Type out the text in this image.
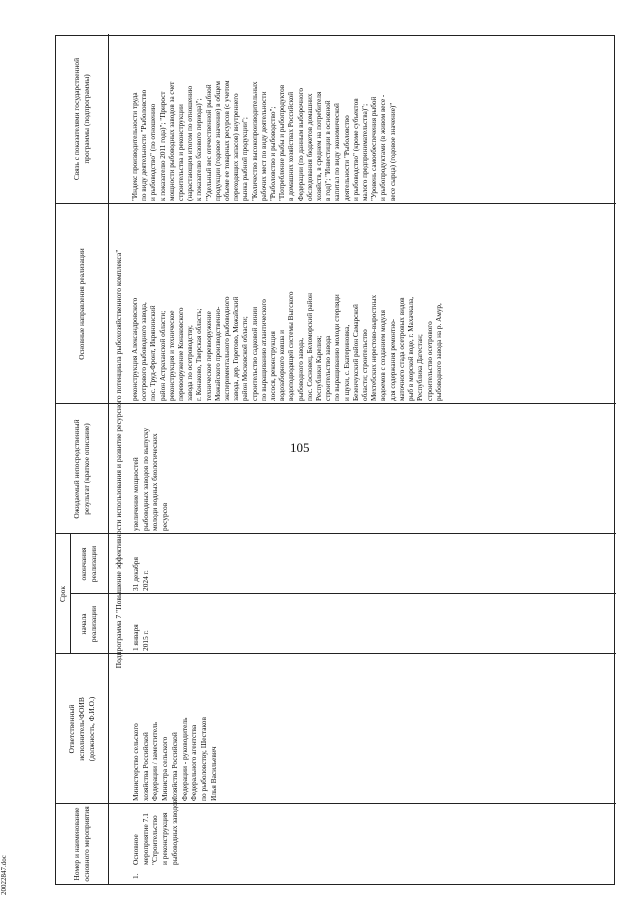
105
Номер и наименование основного мероприятия
Ответственный исполнитель/ФОИВ (должность, Ф.И.О.)
Срок
начала реализации
окончания реализации
Ожидаемый непосредственный результат (краткое описание)
Основные направления реализации
Связь с показателями государственной программы (подпрограммы)
Подпрограмма 7 "Повышение эффективности использования и развитие ресурсного потенциала рыбохозяйственного комплекса"
1.
Основное мероприятие 7.1 "Строительство и реконструкция рыбоводных заводов"
Министерство сельского хозяйства Российской Федерации / заместитель Министра сельского хозяйства Российской Федерации - руководитель Федерального агентства по рыболовству, Шестаков Илья Васильевич
1 января 2015 г.
31 декабря 2024 г.
увеличение мощностей рыбоводных заводов по выпуску молоди водных биологических ресурсов
реконструкция Александровского осетрового рыбоводного завода, пос. Труд-Фронт, Икрянинский район Астраханской области; реконструкция и техническое перевооружение Конаковского завода по осетроводству, г. Конаково, Тверская область; техническое перевооружение Можайского производственно- экспериментального рыбоводного завода, дер. Горетово, Можайский район Московской области; строительство садковой линии по выращиванию атлантического лосося, реконструкция водозаборного ковша и водоподводящей системы Выгского рыбоводного завода, пос. Сосновец, Беломорский район Республики Карелия; строительство завода по выращиванию молоди стерляди и щуки, с. Екатериновка, Безенчукский район Самарской области; строительство Мехтебских нерестово-выростных водоемов с созданием модуля для содержания ремонтно- маточного стада осетровых видов рыб в морской воде, г. Махачкала, Республика Дагестан; строительство осетрового рыбоводного завода на р. Амур,
"Индекс производительности труда по виду деятельности "Рыболовство и рыбоводство" (по отношению к показателю 2011 года)"; "Прирост мощности рыбоводных заводов за счет строительства и реконструкции (нарастающим итогом по отношению к показателю базового периода)"; "Удельный вес отечественной рыбной продукции (годовое значение) в общем объеме ее товарных ресурсов (с учетом переходящих запасов) внутреннего рынка рыбной продукции"; "Количество высокопроизводительных рабочих мест по виду деятельности "Рыболовство и рыбоводство"; "Потребление рыбы и рыбопродуктов в домашних хозяйствах Российской Федерации (по данным выборочного обследования бюджетов домашних хозяйств, в среднем на потребителя в год)"; "Инвестиции в основной капитал по виду экономической деятельности "Рыболовство и рыбоводство" (кроме субъектов малого предпринимательства)"; "Уровень самообеспечения рыбой и рыбопродуктами (в живом весе - весе сырца) (годовое значение)"
20022847.doc
